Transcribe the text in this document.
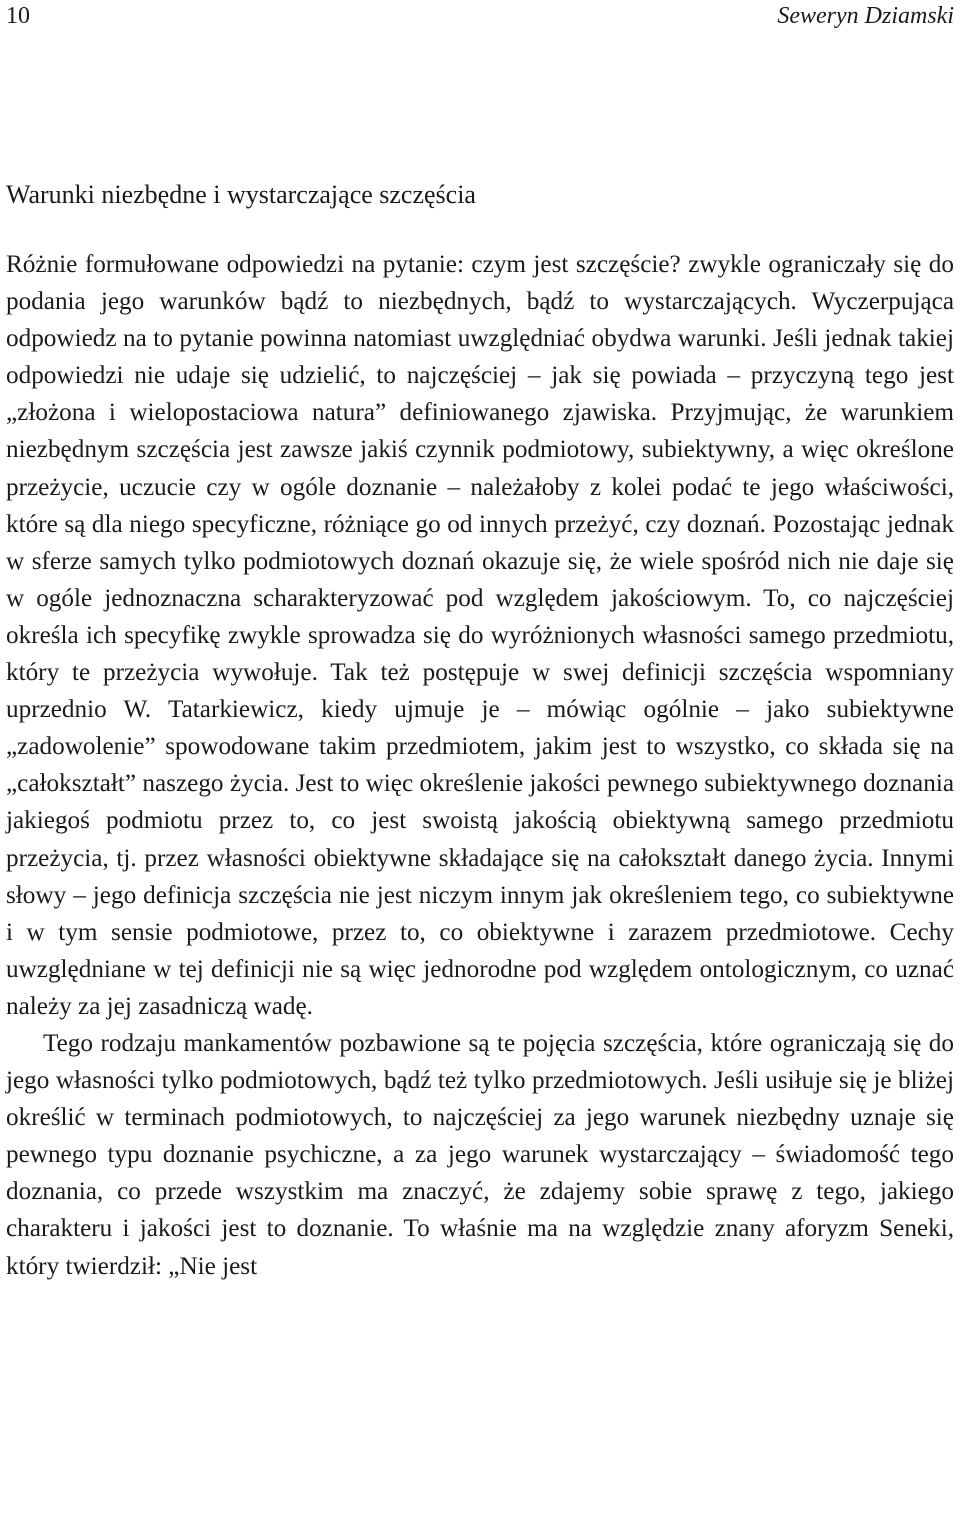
10	Seweryn Dziamski
Warunki niezbędne i wystarczające szczęścia

Różnie formułowane odpowiedzi na pytanie: czym jest szczęście? zwykle ograniczały się do podania jego warunków bądź to niezbędnych, bądź to wystarczających. Wyczerpująca odpowiedz na to pytanie powinna natomiast uwzględniać obydwa warunki. Jeśli jednak takiej odpowiedzi nie udaje się udzielić, to najczęściej – jak się powiada – przyczyną tego jest „złożona i wielopostaciowa natura” definiowanego zjawiska. Przyjmując, że warunkiem niezbędnym szczęścia jest zawsze jakiś czynnik podmiotowy, subiektywny, a więc określone przeżycie, uczucie czy w ogóle doznanie – należałoby z kolei podać te jego właściwości, które są dla niego specyficzne, różniące go od innych przeżyć, czy doznań. Pozostając jednak w sferze samych tylko podmiotowych doznań okazuje się, że wiele spośród nich nie daje się w ogóle jednoznaczna scharakteryzować pod względem jakościowym. To, co najczęściej określa ich specyfikę zwykle sprowadza się do wyróżnionych własności samego przedmiotu, który te przeżycia wywołuje. Tak też postępuje w swej definicji szczęścia wspomniany uprzednio W. Tatarkiewicz, kiedy ujmuje je – mówiąc ogólnie – jako subiektywne „zadowolenie” spowodowane takim przedmiotem, jakim jest to wszystko, co składa się na „całokształt” naszego życia. Jest to więc określenie jakości pewnego subiektywnego doznania jakiegoś podmiotu przez to, co jest swoistą jakością obiektywną samego przedmiotu przeżycia, tj. przez własności obiektywne składające się na całokształt danego życia. Innymi słowy – jego definicja szczęścia nie jest niczym innym jak określeniem tego, co subiektywne i w tym sensie podmiotowe, przez to, co obiektywne i zarazem przedmiotowe. Cechy uwzględniane w tej definicji nie są więc jednorodne pod względem ontologicznym, co uznać należy za jej zasadniczą wadę.

Tego rodzaju mankamentów pozbawione są te pojęcia szczęścia, które ograniczają się do jego własności tylko podmiotowych, bądź też tylko przedmiotowych. Jeśli usiłuje się je bliżej określić w terminach podmiotowych, to najczęściej za jego warunek niezbędny uznaje się pewnego typu doznanie psychiczne, a za jego warunek wystarczający – świadomość tego doznania, co przede wszystkim ma znaczyć, że zdajemy sobie sprawę z tego, jakiego charakteru i jakości jest to doznanie. To właśnie ma na względzie znany aforyzm Seneki, który twierdził: „Nie jest
